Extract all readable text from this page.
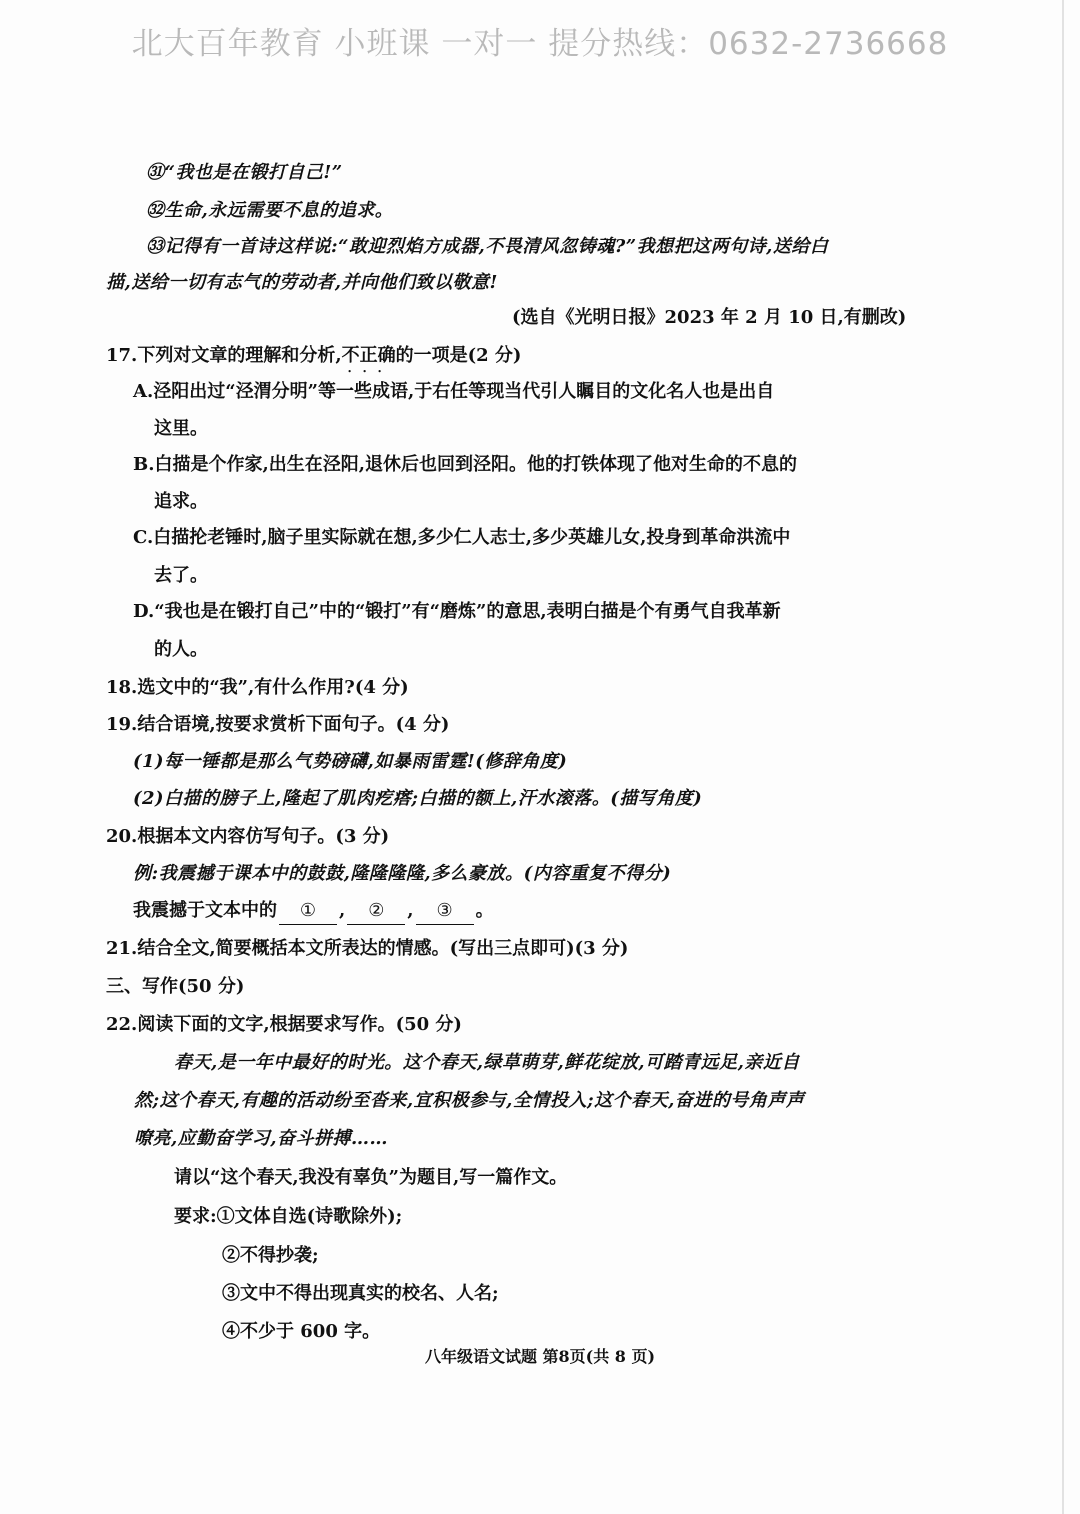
北大百年教育 小班课 一对一 提分热线：0632-2736668
㉛“我也是在锻打自己!”
㉜生命,永远需要不息的追求。
㉝记得有一首诗这样说:“敢迎烈焰方成器,不畏清风忽铸魂?”我想把这两句诗,送给白
描,送给一切有志气的劳动者,并向他们致以敬意!
(选自《光明日报》2023 年 2 月 10 日,有删改)
17.下列对文章的理解和分析,不正确 ・・・的一项是(2 分)
A.泾阳出过“泾渭分明”等一些成语,于右任等现当代引人瞩目的文化名人也是出自
这里。
B.白描是个作家,出生在泾阳,退休后也回到泾阳。他的打铁体现了他对生命的不息的
追求。
C.白描抡老锤时,脑子里实际就在想,多少仁人志士,多少英雄儿女,投身到革命洪流中
去了。
D.“我也是在锻打自己”中的“锻打”有“磨炼”的意思,表明白描是个有勇气自我革新
的人。
18.选文中的“我”,有什么作用?(4 分)
19.结合语境,按要求赏析下面句子。(4 分)
(1)每一锤都是那么气势磅礴,如暴雨雷霆!(修辞角度)
(2)白描的膀子上,隆起了肌肉疙瘩;白描的额上,汗水滚落。(描写角度)
20.根据本文内容仿写句子。(3 分)
例:我震撼于课本中的鼓鼓,隆隆隆隆,多么豪放。(内容重复不得分)
我震撼于文本中的 ① , ② , ③ 。
21.结合全文,简要概括本文所表达的情感。(写出三点即可)(3 分)
三、写作(50 分)
22.阅读下面的文字,根据要求写作。(50 分)
春天,是一年中最好的时光。这个春天,绿草萌芽,鲜花绽放,可踏青远足,亲近自
然;这个春天,有趣的活动纷至沓来,宜积极参与,全情投入;这个春天,奋进的号角声声
嘹亮,应勤奋学习,奋斗拼搏……
请以“这个春天,我没有辜负”为题目,写一篇作文。
要求:①文体自选(诗歌除外);
②不得抄袭;
③文中不得出现真实的校名、人名;
④不少于 600 字。
八年级语文试题 第8页(共 8 页)
